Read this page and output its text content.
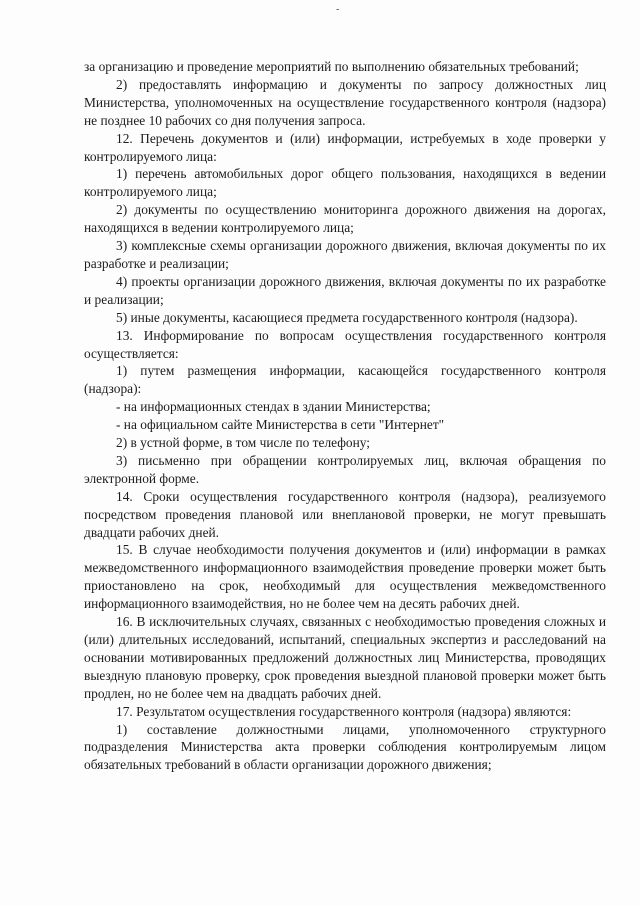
-

за организацию и проведение мероприятий по выполнению обязательных требований;

2) предоставлять информацию и документы по запросу должностных лиц Министерства, уполномоченных на осуществление государственного контроля (надзора) не позднее 10 рабочих со дня получения запроса.

12. Перечень документов и (или) информации, истребуемых в ходе проверки у контролируемого лица:

1) перечень автомобильных дорог общего пользования, находящихся в ведении контролируемого лица;

2) документы по осуществлению мониторинга дорожного движения на дорогах, находящихся в ведении контролируемого лица;

3) комплексные схемы организации дорожного движения, включая документы по их разработке и реализации;

4) проекты организации дорожного движения, включая документы по их разработке и реализации;

5) иные документы, касающиеся предмета государственного контроля (надзора).

13. Информирование по вопросам осуществления государственного контроля осуществляется:

1) путем размещения информации, касающейся государственного контроля (надзора):

- на информационных стендах в здании Министерства;

- на официальном сайте Министерства в сети "Интернет"

2) в устной форме, в том числе по телефону;

3) письменно при обращении контролируемых лиц, включая обращения по электронной форме.

14. Сроки осуществления государственного контроля (надзора), реализуемого посредством проведения плановой или внеплановой проверки, не могут превышать двадцати рабочих дней.

15. В случае необходимости получения документов и (или) информации в рамках межведомственного информационного взаимодействия проведение проверки может быть приостановлено на срок, необходимый для осуществления межведомственного информационного взаимодействия, но не более чем на десять рабочих дней.

16. В исключительных случаях, связанных с необходимостью проведения сложных и (или) длительных исследований, испытаний, специальных экспертиз и расследований на основании мотивированных предложений должностных лиц Министерства, проводящих выездную плановую проверку, срок проведения выездной плановой проверки может быть продлен, но не более чем на двадцать рабочих дней.

17. Результатом осуществления государственного контроля (надзора) являются:

1) составление должностными лицами, уполномоченного структурного подразделения Министерства акта проверки соблюдения контролируемым лицом обязательных требований в области организации дорожного движения;
